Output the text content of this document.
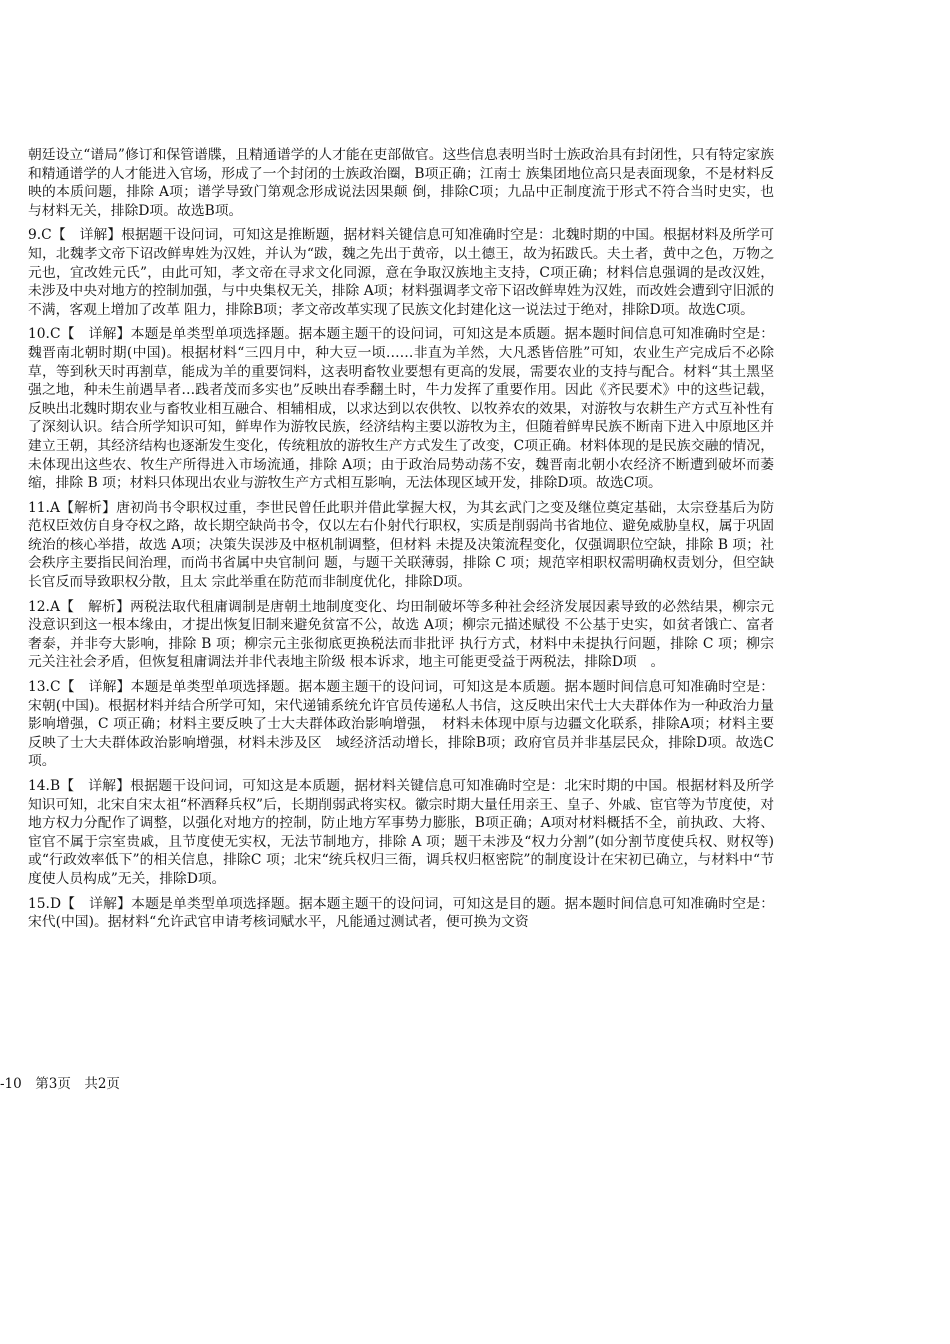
朝廷设立“谱局”修订和保管谱牒，且精通谱学的人才能在吏部做官。这些信息表明当时士族政治具有封闭性，只有特定家族和精通谱学的人才能进入官场，形成了一个封闭的士族政治圈，B项正确；江南士 族集团地位高只是表面现象，不是材料反映的本质问题，排除 A项；谱学导致门第观念形成说法因果颠 倒，排除C项；九品中正制度流于形式不符合当时史实，也与材料无关，排除D项。故选B项。

9.C【　详解】根据题干设问词，可知这是推断题，据材料关键信息可知准确时空是：北魏时期的中国。根据材料及所学可知，北魏孝文帝下诏改鲜卑姓为汉姓，并认为“跋，魏之先出于黄帝，以土德王，故为拓跋氏。夫土者，黄中之色，万物之元也，宜改姓元氏”，由此可知，孝文帝在寻求文化同源，意在争取汉族地主支持，C项正确；材料信息强调的是改汉姓，未涉及中央对地方的控制加强，与中央集权无关，排除 A项；材料强调孝文帝下诏改鲜卑姓为汉姓，而改姓会遭到守旧派的不满，客观上增加了改革 阻力，排除B项；孝文帝改革实现了民族文化封建化这一说法过于绝对，排除D项。故选C项。

10.C【　详解】本题是单类型单项选择题。据本题主题干的设问词，可知这是本质题。据本题时间信息可知准确时空是：魏晋南北朝时期(中国)。根据材料“三四月中，种大豆一顷……非直为羊然，大凡悉皆倍胜”可知，农业生产完成后不必除草，等到秋天时再割草，能成为羊的重要饲料，这表明畜牧业要想有更高的发展，需要农业的支持与配合。材料“其土黑坚强之地，种未生前遇旱者…践者茂而多实也”反映出春季翻土时，牛力发挥了重要作用。因此《齐民要术》中的这些记载，反映出北魏时期农业与畜牧业相互融合、相辅相成，以求达到以农供牧、以牧养农的效果，对游牧与农耕生产方式互补性有了深刻认识。结合所学知识可知，鲜卑作为游牧民族，经济结构主要以游牧为主，但随着鲜卑民族不断南下进入中原地区并建立王朝，其经济结构也逐渐发生变化，传统粗放的游牧生产方式发生了改变，C项正确。材料体现的是民族交融的情况，未体现出这些农、牧生产所得进入市场流通，排除 A项；由于政治局势动荡不安，魏晋南北朝小农经济不断遭到破坏而萎缩，排除 B 项；材料只体现出农业与游牧生产方式相互影响，无法体现区域开发，排除D项。故选C项。

11.A【解析】唐初尚书令职权过重，李世民曾任此职并借此掌握大权，为其玄武门之变及继位奠定基础，太宗登基后为防范权臣效仿自身夺权之路，故长期空缺尚书令，仅以左右仆射代行职权，实质是削弱尚书省地位、避免威胁皇权，属于巩固统治的核心举措，故选 A项；决策失误涉及中枢机制调整，但材料 未提及决策流程变化，仅强调职位空缺，排除 B 项；社会秩序主要指民间治理，而尚书省属中央官制问 题，与题干关联薄弱，排除 C 项；规范宰相职权需明确权责划分，但空缺长官反而导致职权分散，且太 宗此举重在防范而非制度优化，排除D项。

12.A【　解析】两税法取代租庸调制是唐朝土地制度变化、均田制破坏等多种社会经济发展因素导致的必然结果，柳宗元没意识到这一根本缘由，才提出恢复旧制来避免贫富不公，故选 A项；柳宗元描述赋役 不公基于史实，如贫者饿亡、富者奢泰，并非夸大影响，排除 B 项；柳宗元主张彻底更换税法而非批评 执行方式，材料中未提执行问题，排除 C 项；柳宗元关注社会矛盾，但恢复租庸调法并非代表地主阶级 根本诉求，地主可能更受益于两税法，排除D项　。

13.C【　详解】本题是单类型单项选择题。据本题主题干的设问词，可知这是本质题。据本题时间信息可知准确时空是：宋朝(中国)。根据材料并结合所学可知，宋代递铺系统允许官员传递私人书信，这反映出宋代士大夫群体作为一种政治力量影响增强，C 项正确；材料主要反映了士大夫群体政治影响增强，　材料未体现中原与边疆文化联系，排除A项；材料主要反映了士大夫群体政治影响增强，材料未涉及区　域经济活动增长，排除B项；政府官员并非基层民众，排除D项。故选C项。

14.B【　详解】根据题干设问词，可知这是本质题，据材料关键信息可知准确时空是：北宋时期的中国。根据材料及所学知识可知，北宋自宋太祖“杯酒释兵权”后，长期削弱武将实权。徽宗时期大量任用亲王、皇子、外戚、宦官等为节度使，对地方权力分配作了调整，以强化对地方的控制，防止地方军事势力膨胀，B项正确；A项对材料概括不全，前执政、大将、宦官不属于宗室贵戚，且节度使无实权，无法节制地方，排除 A 项；题干未涉及“权力分割”(如分割节度使兵权、财权等)或“行政效率低下”的相关信息，排除C 项；北宋“统兵权归三衙，调兵权归枢密院”的制度设计在宋初已确立，与材料中“节度使人员构成”无关，排除D项。

15.D【　详解】本题是单类型单项选择题。据本题主题干的设问词，可知这是目的题。据本题时间信息可知准确时空是：宋代(中国)。据材料“允许武官申请考核词赋水平，凡能通过测试者，便可换为文资

-10　第3页　共2页
